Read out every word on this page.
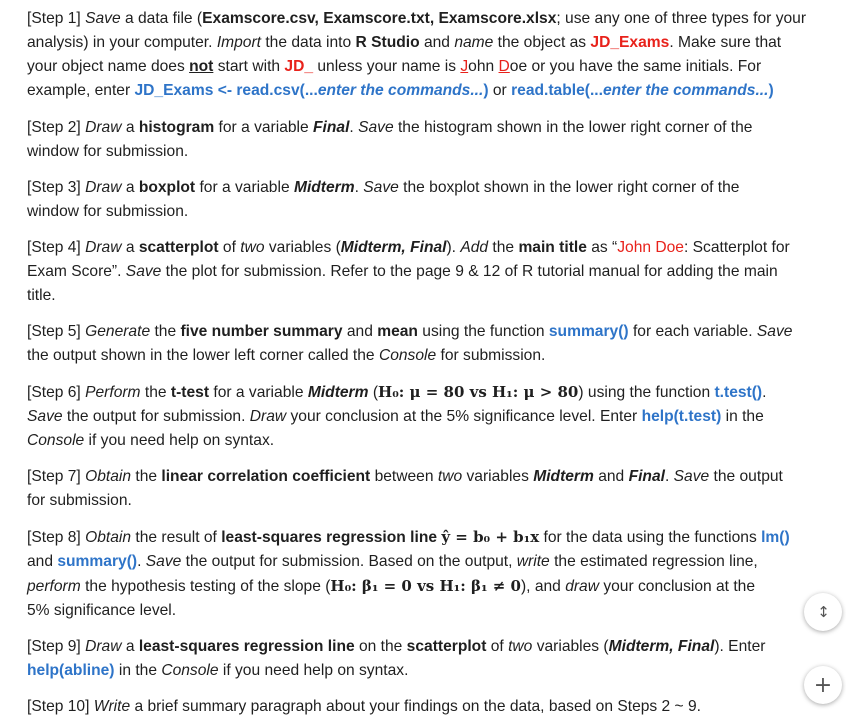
[Step 1] Save a data file (Examscore.csv, Examscore.txt, Examscore.xlsx; use any one of three types for your
analysis) in your computer. Import the data into R Studio and name the object as JD_Exams. Make sure that
your object name does not start with JD_ unless your name is John Doe or you have the same initials. For
example, enter JD_Exams <- read.csv(...enter the commands...) or read.table(...enter the commands...)

[Step 2] Draw a histogram for a variable Final. Save the histogram shown in the lower right corner of the
window for submission.

[Step 3] Draw a boxplot for a variable Midterm. Save the boxplot shown in the lower right corner of the
window for submission.

[Step 4] Draw a scatterplot of two variables (Midterm, Final). Add the main title as “John Doe: Scatterplot for
Exam Score”. Save the plot for submission. Refer to the page 9 & 12 of R tutorial manual for adding the main
title.

[Step 5] Generate the five number summary and mean using the function summary() for each variable. Save
the output shown in the lower left corner called the Console for submission.

[Step 6] Perform the t-test for a variable Midterm (H₀: μ = 80 vs H₁: μ > 80) using the function t.test().
Save the output for submission. Draw your conclusion at the 5% significance level. Enter help(t.test) in the
Console if you need help on syntax.

[Step 7] Obtain the linear correlation coefficient between two variables Midterm and Final. Save the output
for submission.

[Step 8] Obtain the result of least-squares regression line ŷ = b₀ + b₁x for the data using the functions lm()
and summary(). Save the output for submission. Based on the output, write the estimated regression line,
perform the hypothesis testing of the slope (H₀: β₁ = 0 vs H₁: β₁ ≠ 0), and draw your conclusion at the
5% significance level.

[Step 9] Draw a least-squares regression line on the scatterplot of two variables (Midterm, Final). Enter
help(abline) in the Console if you need help on syntax.

[Step 10] Write a brief summary paragraph about your findings on the data, based on Steps 2 ~ 9.

↕
+
